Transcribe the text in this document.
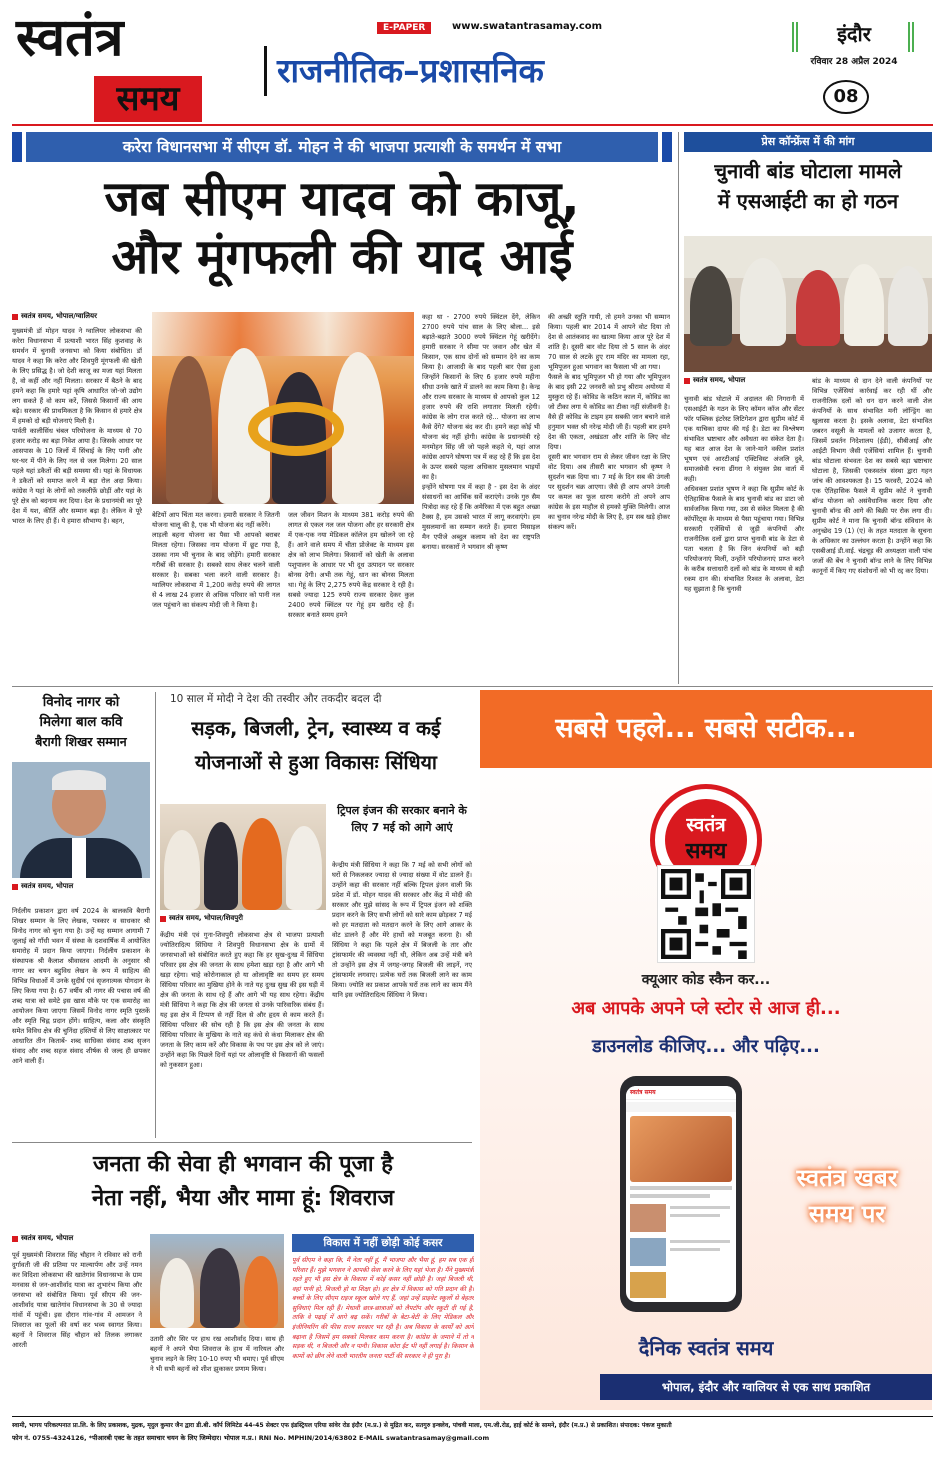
स्वतंत्र
समय
E-PAPER	www.swatantrasamay.com
राजनीतिक–प्रशासनिक
इंदौर
रविवार 28 अप्रैल 2024
08
करेरा विधानसभा में सीएम डॉ. मोहन ने की भाजपा प्रत्याशी के समर्थन में सभा
जब सीएम यादव को काजू,
और मूंगफली की याद आई
स्वतंत्र समय, भोपाल/ग्वालियर

मुख्यमंत्री डॉ मोहन यादव ने ग्वालियर लोकसभा की करेरा विधानसभा में प्रत्याशी भारत सिंह कुशवाह के समर्थन में चुनावी जनसभा को किया संबोधित। डॉ यादव ने कहा कि करेरा और शिवपुरी मूंगफली की खेती के लिए प्रसिद्ध है। जो देशी काजू का मजा यहां मिलता है, वो कहीं और नहीं मिलता। सरकार में बैठने के बाद हमने कहा कि हमारे यहां कृषि आधारित जो-जो उद्योग लग सकते हैं वो काम करें, जिससे किसानों की आय बढ़े। सरकार की प्राथमिकता है कि किसान से हमारे क्षेत्र में हमको दो बड़ी योजनाएं मिली है।
पार्वती कालीसिंध चंबल परियोजना के माध्यम से 70 हजार करोड़ का बड़ा निवेश आया है। जिसके आधार पर आसपास के 10 जिलों में सिंचाई के लिए पानी और घर-घर में पीने के लिए नल से जल मिलेगा। 20 साल पहले यहां डकैतों की बड़ी समस्या थी। यहां के विधायक ने डकैतों को समाप्त करने में बड़ा रोल अदा किया। कांग्रेस ने यहां के लोगों को तकलीफ़ें छोड़ीं और यहां के पूरे क्षेत्र को बदनाम कर दिया। देश के प्रधानमंत्री का पूरे देश में यश, कीर्ति और सम्मान बढ़ा है। लेकिन वे पूरे भारत के लिए ही हैं। ये हमारा सौभाग्य है। बहन,

बेटियों आप चिंता मत करना। हमारी सरकार ने जितनी योजना चालू की है, एक भी योजना बंद नहीं करेंगे।
लाड़ली बहना योजना का पैसा भी आपको बराबर मिलता रहेगा। जिसका नाम योजना में छूट गया है, उसका नाम भी चुनाव के बाद जोड़ेंगे। हमारी सरकार गरीबों की सरकार है। सबको साथ लेकर चलने वाली सरकार है। सबका भला करने वाली सरकार है। ग्वालियर लोकसभा में 1,200 करोड़ रुपये की लागत से 4 लाख 24 हजार से अधिक परिवार को पानी नल जल पहुंचाने का संकल्प मोदी जी ने किया है।

जल जीवन मिशन के माध्यम 381 करोड़ रुपये की लागत से एकल नल जल योजना और हर सरकारी क्षेत्र में एक-एक नया मेडिकल कॉलेज हम खोलने जा रहे हैं। आने वाले समय में चीता प्रोजेक्ट के माध्यम इस क्षेत्र को लाभ मिलेगा। किसानों को खेती के अलावा पशुपालन के आधार पर भी दूध उत्पादन पर सरकार बोनस देगी। अभी तक गेहूं, धान का बोनस मिलता था। गेहूं के लिए 2,275 रुपये केंद्र सरकार दे रही है। सबसे ज्यादा 125 रुपये राज्य सरकार देकर कुल 2400 रुपये क्विंटल पर गेहूं हम खरीद रहे हैं। सरकार बनाते समय हमने

कहा था - 2700 रुपये क्विंटल देंगे, लेकिन 2700 रुपये पांच साल के लिए बोला... इसे बढ़ाते-बढ़ाते 3000 रुपये क्विंटल गेहूं खरीदेंगे। हमारी सरकार ने सीमा पर जवान और खेत में किसान, एक साथ दोनों को सम्मान देने का काम किया है। आजादी के बाद पहली बार ऐसा हुआ जिन्होंने किसानों के लिए 6 हजार रुपये महीना सीधा उनके खाते में डालने का काम किया है। केन्द्र और राज्य सरकार के माध्यम से आपको कुल 12 हजार रुपये की राशि लगातार मिलती रहेगी। कांग्रेस के लोग राज करते रहे... योजना का लाभ कैसे देंगे? योजना बंद कर दी। हमने कहा कोई भी योजना बंद नहीं होगी। कांग्रेस के प्रधानमंत्री रहे मनमोहन सिंह जी जो पहले कहते थे, यहां आज कांग्रेस आपने घोषणा पत्र में कह रहे हैं कि इस देश के ऊपर सबसे पहला अधिकार मुसलमान भाइयों का है।
इन्होंने घोषणा पत्र में कहा है - इस देश के अंदर संसाधनों का आर्थिक सर्वे कराएंगे। उनके गुरु सैम पित्रोदा कह रहे हैं कि अमेरिका में एक बहुत अच्छा टैक्स है, हम उसको भारत में लागू करवाएंगे। हम मुसलमानों का सम्मान करते हैं। हमारा मिसाइल मैन एपीजे अब्दुल कलाम को देश का राष्ट्रपति बनाया। सरकारों ने भगवान श्री कृष्ण

की अच्छी स्तुति गायी, तो हमने उनका भी सम्मान किया। पहली बार 2014 में आपने वोट दिया तो देश से आतंकवाद का खात्मा किया आज पूरे देश में शांति है। दूसरी बार वोट दिया तो 5 साल के अंदर 70 साल से लटके हुए राम मंदिर का मामला रहा, भूमिपूजन हुआ भगवान का फैसला भी आ गया।
फैसले के बाद भूमिपूजन भी हो गया और भूमिपूजन के बाद इसी 22 जनवरी को प्रभु श्रीराम अयोध्या में मुस्कुरा रहे हैं। कोविड के कठिन काल में, कोविड का जो टीका लगा ये कोविड का टीका नहीं संजीवनी है। वैसे ही कोविड के टाइम हम सबकी जान बचाने वाले हनुमान भक्त श्री नरेन्द्र मोदी जी हैं। पहली बार हमने देश की एकता, अखंडता और शांति के लिए वोट दिया।
दूसरी बार भगवान राम से लेकर जीवन रक्षा के लिए वोट दिया। अब तीसरी बार भगवान श्री कृष्ण ने सुदर्शन चक्र दिया था। 7 मई के दिन सब की उंगली पर सुदर्शन चक्र आएगा। जैसे ही आप अपने उंगली पर कमल का फूल धारण करोगे तो अपने आप कांग्रेस के इस माहौल से हमको मुक्ति मिलेगी। आज का चुनाव नरेन्द्र मोदी के लिए है, हम सब खड़े होकर संकल्प करें।

प्रेस कॉन्फ्रेंस में की मांग
चुनावी बांड घोटाला मामले
में एसआईटी का हो गठन
स्वतंत्र समय, भोपाल

चुनावी बांड घोटाले में अदालत की निगरानी में एसआईटी के गठन के लिए कॉमन कॉज और सेंटर फॉर पब्लिक इंटरेस्ट लिटिगेशन द्वारा सुप्रीम कोर्ट में एक याचिका दायर की गई है। डेटा का विश्लेषण संभावित भ्रष्टाचार और अवैधता का संकेत देता है। यह बात आज देश के जाने-माने वकील प्रशांत भूषण एवं आरटीआई एक्टिविस्ट अंजलि दुबे, समाजसेवी रचना ढींगरा ने संयुक्त प्रेस वार्ता में कही।
अधिवक्ता प्रशांत भूषण ने कहा कि सुप्रीम कोर्ट के ऐतिहासिक फैसले के बाद चुनावी बांड का डाटा जो सार्वजनिक किया गया, उस से संकेत मिलता है की कॉर्पोरेट्स के माध्यम से पैसा पहुंचाया गया। विभिन्न सरकारी एजेंसियों से जुड़ी कंपनियों और राजनीतिक दलों द्वारा प्राप्त चुनावी बांड के डेटा से पता चलता है कि जिन कंपनियों को बड़ी परियोजनाएं मिलीं, उन्होंने परियोजनाएं प्राप्त करने के करीब सत्ताधारी दलों को बांड के माध्यम से बड़ी रकम दान की। संभावित रिश्वत के अलावा, डेटा यह सुझाता है कि चुनावी

बांड के माध्यम से दान देने वाली कंपनियों पर विभिन्न एजेंसियां कार्रवाई कर रही थीं और राजनीतिक दलों को धन दान करने वाली शेल कंपनियों के साथ संभावित मनी लॉन्ड्रिंग का खुलासा करता है। इसके अलावा, डेटा संभावित जबरन वसूली के मामलों को उजागर करता है, जिसमें प्रवर्तन निदेशालय (ईडी), सीबीआई और आईटी विभाग जैसी एजेंसियां शामिल हैं। चुनावी बांड घोटाला संभवतः देश का सबसे बड़ा भ्रष्टाचार घोटाला है, जिसकी एकस्वतंत्र संस्था द्वारा गहन जांच की आवश्यकता है। 15 फरवरी, 2024 को एक ऐतिहासिक फैसले में सुप्रीम कोर्ट ने चुनावी बॉन्ड योजना को असंवैधानिक करार दिया और चुनावी बॉन्ड की आगे की बिक्री पर रोक लगा दी। सुप्रीम कोर्ट ने माना कि चुनावी बॉन्ड संविधान के अनुच्छेद 19 (1) (ए) के तहत मतदाता के सूचना के अधिकार का उल्लंघन करता है। उन्होंने कहा कि एसबीआई डी.वाई. चंद्रचूड़ की अध्यक्षता वाली पांच जजों की बेंच ने चुनावी बॉन्ड लाने के लिए विभिन्न कानूनों में किए गए संशोधनों को भी रद्द कर दिया।

विनोद नागर को
मिलेगा बाल कवि
बैरागी शिखर सम्मान
स्वतंत्र समय, भोपाल

निर्दलीय प्रकाशन द्वारा वर्ष 2024 के बालकवि बैरागी शिखर सम्मान के लिए लेखक, पत्रकार व साधकार श्री विनोद नागर को चुना गया है। उन्हें यह सम्मान आगामी 7 जुलाई को गाँधी भवन में संस्था के दशवार्षिक में आयोजित समारोह में प्रदान किया जाएगा। निर्दलीय प्रकाशन के संस्थापक श्री कैलाश श्रीवास्तव आदमी के अनुसार श्री नागर का चयन बहुविध लेखन के रूप में साहित्य की विभिन्न विधाओं में उनके सुदीर्घ एवं सृजनात्मक योगदान के लिए किया गया है। 67 वर्षीय श्री नागर की पचास वर्ष की शब्द यात्रा को समेटे इस खास मौके पर एक समारोह का आयोजन किया जाएगा जिसमें विनोद नागर स्मृति पुस्तकें और स्मृति चिह्न प्रदान होंगे। साहित्य, कला और संस्कृति समेत विविध क्षेत्र की चुनिंदा हस्तियों से लिए साक्षात्कार पर आधारित तीन किताबें- शब्द साधिका संवाद शब्द सृजन संवाद और शब्द सहज संवाद शीर्षक से जल्द ही छपकर आने वाली हैं।

10 साल में मोदी ने देश की तस्वीर और तकदीर बदल दी
सड़क, बिजली, ट्रेन, स्वास्थ्य व कई
योजनाओं से हुआ विकासः सिंधिया
ट्रिपल इंजन की सरकार बनाने के लिए 7 मई को आगे आएं
स्वतंत्र समय, भोपाल/शिवपुरी

केंद्रीय मंत्री एवं गुना-शिवपुरी लोकसभा क्षेत्र से भाजपा प्रत्याशी ज्योतिरादित्य सिंधिया ने शिवपुरी विधानसभा क्षेत्र के ग्रामों में जनसभाओं को संबोधित करते हुए कहा कि हर सुख-दुःख में सिंधिया परिवार इस क्षेत्र की जनता के साथ हमेशा खड़ा रहा है और आगे भी खड़ा रहेगा। चाहे कोरोनाकाल हो या ओलावृष्टि का समय हर समय सिंधिया परिवार का मुखिया होने के नाते यह दुःख सुख की इस घड़ी में क्षेत्र की जनता के साथ रहे हैं और आगे भी यह साथ रहेगा। केंद्रीय मंत्री सिंधिया ने कहा कि क्षेत्र की जनता से उनके पारिवारिक संबंध हैं। यह इस क्षेत्र में टिप्पण से नहीं दिल से और हृदय से काम करते हैं। सिंधिया परिवार की सोच रही है कि इस क्षेत्र की जनता के साथ सिंधिया परिवार के मुखिया के नाते वह कंधे से कंधा मिलाकर क्षेत्र की जनता के लिए काम करें और विकास के पथ पर इस क्षेत्र को ले जाएं। उन्होंने कहा कि पिछले दिनों यहां पर ओलावृष्टि से किसानों की फसलों को नुकसान हुआ।

केन्द्रीय मंत्री सिंधिया ने कहा कि 7 मई को सभी लोगों को घरों से निकलकर ज्यादा से ज्यादा संख्या में वोट डालने हैं। उन्होंने कहा की सरकार नहीं बल्कि ट्रिपल इंजन वाली कि प्रदेश में डॉ. मोहन यादव की सरकार और केंद्र में मोदी की सरकार और मुझे सांसद के रूप में ट्रिपल इंजन को शक्ति प्रदान करने के लिए सभी लोगों को सारे काम छोड़कर 7 मई को हर मतदाता को मतदान करने के लिए आगे आकर के वोट डालने हैं और मेरे हाथों को मजबूत करना है। श्री सिंधिया ने कहा कि पहले क्षेत्र में बिजली के तार और ट्रांसफार्मर की व्यवस्था नहीं थी, लेकिन अब उन्हें मंत्री बने तो उन्होंने इस क्षेत्र में जगह-जगह बिजली की लाइनें, नए ट्रांसफार्मर लगवाए। प्रत्येक घरों तक बिजली लाने का काम किया। ज्योति का प्रकाश आपके घरों तक लाने का काम मैंने यानि इस ज्योतिरादित्य सिंधिया ने किया।

सबसे पहले... सबसे सटीक...
स्वतंत्र
समय
क्यूआर कोड स्कैन कर...
अब आपके अपने प्ले स्टोर से आज ही...
डाउनलोड कीजिए... और पढ़िए...
स्वतंत्र समय
स्वतंत्र खबर
समय पर
दैनिक स्वतंत्र समय
भोपाल, इंदौर और ग्वालियर से एक साथ प्रकाशित
जनता की सेवा ही भगवान की पूजा है
नेता नहीं, भैया और मामा हूं: शिवराज
स्वतंत्र समय, भोपाल

पूर्व मुख्यमंत्री शिवराज सिंह चौहान ने रविवार को रानी दुर्गावती जी की प्रतिमा पर माल्यार्पण और उन्हें नमन कर विदिशा लोकसभा की खातेगांव विधानसभा के ग्राम मनवास से जन-आशीर्वाद यात्रा का शुभारंभ किया और जनसभा को संबोधित किया। पूर्व सीएम की जन-आशीर्वाद यात्रा खातेगांव विधानसभा के 30 से ज्यादा गांवों में पहुंची। इस दौरान गांव-गांव में आमजन ने शिवराज का फूलों की वर्षा कर भव्य स्वागत किया। बहनों ने शिवराज सिंह चौहान को तिलक लगाकर आरती

उतारी और सिर पर हाथ रख आशीर्वाद दिया। साथ ही बहनों ने अपने भैया शिवराज के हाथ में नारियल और चुनाव लड़ने के लिए 10-10 रुपए भी थमाए। पूर्व सीएम ने भी सभी बहनों को शीश झुकाकर प्रणाम किया।

विकास में नहीं छोड़ी कोई कसर

पूर्व सीएम ने कहा कि, मैं नेता नहीं हूं, मैं भाजपा और भैया हूं, हम सब एक ही परिवार हैं। मुझे भगवान ने आपकी सेवा करने के लिए यहां भेजा है। मैंने मुख्यमंत्री रहते हुए भी इस क्षेत्र के विकास में कोई कसर नहीं छोड़ी है। जहां बिजली थी, वहां पानी हो, बिजली हो या शिक्षा हो। हर क्षेत्र में विकास को गति प्रदान की है। बच्चों के लिए सीएम राइज स्कूल खोले गए हैं, जहां उन्हें प्राइवेट स्कूलों से बेहतर सुविधाएं मिल रही हैं। मेधावी छात्र-छात्राओं को लैपटॉप और स्कूटी दी गई है, ताकि वे पढ़ाई में आगे बढ़ सकें। गरीबों के बेटा-बेटी के लिए मेडिकल और इंजीनियरिंग की फीस राज्य सरकार भर रही है। अब विकास के कार्यों को आगे बढ़ाना है जिसमें हम सबको मिलकर काम करना है। कांग्रेस के जमाने में तो न सड़क थी, न बिजली और न पानी। विकास कोरा ईंट भी नहीं लगाई है। किसान के कामों को छीन लेने वाली भारतीय जनता पार्टी की सरकार ने ही पूरा है।

स्वामी, भागय परिकल्पनात प्रा.लि. के लिए प्रकाशक, मुद्रक, मृदुल कुमार जैन द्वारा डी.बी. कॉर्प लिमिटेड 44-45 सेक्टर एफ इंडस्ट्रियल एरिया सांवेर रोड इंदौर (म.प्र.) से मुद्रित कर, सतगुरु इन्क्लेव, पांचवी माला, एम.जी.रोड, हाई कोर्ट के सामने, इंदौर (म.प्र.) से प्रकाशित। संपादक: पंकज मुकाती
फोन नं. 0755-4324126, *पीआरबी एक्ट के तहत समाचार चयन के लिए जिम्मेदार। भोपाल म.प्र.। RNI No. MPHIN/2014/63802 E-MAIL swatantrasamay@gmail.com
